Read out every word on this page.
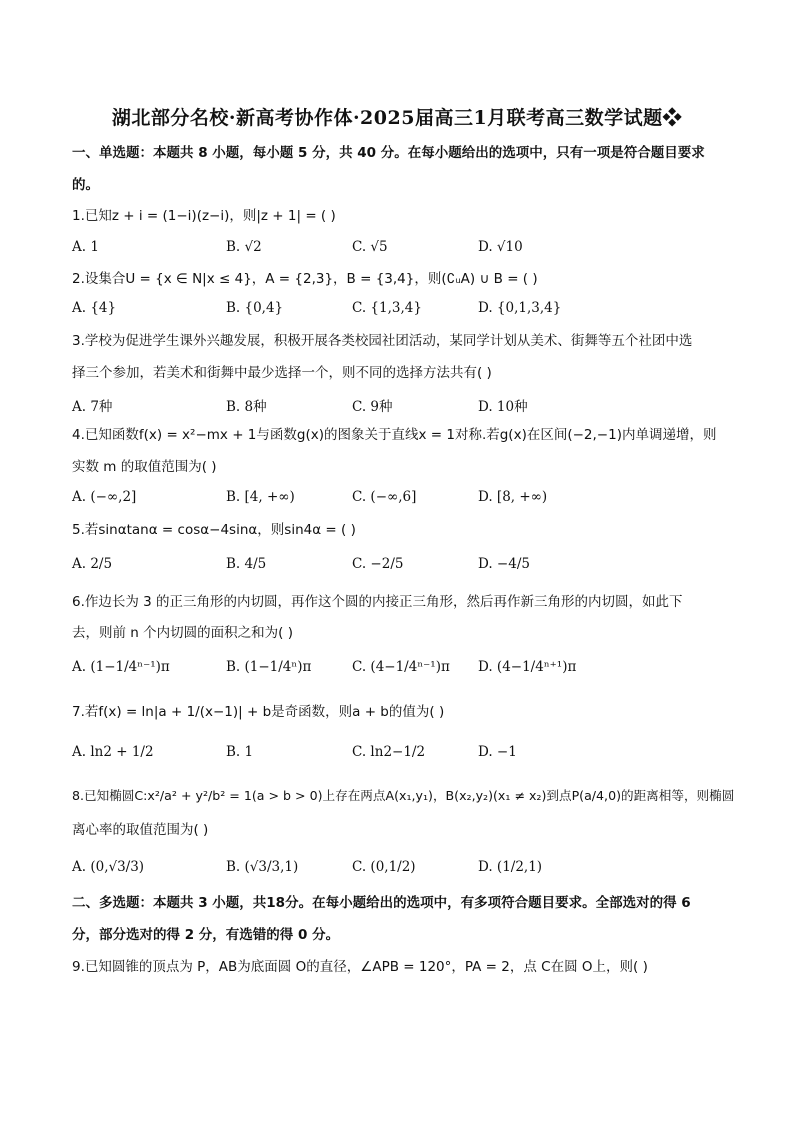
湖北部分名校·新高考协作体·2025届高三1月联考高三数学试题❖
一、单选题：本题共 8 小题，每小题 5 分，共 40 分。在每小题给出的选项中，只有一项是符合题目要求
的。
1.已知z + i = (1−i)(z−i)，则|z + 1| = ( )
A. 1	B. √2	C. √5	D. √10
2.设集合U = {x ∈ N|x ≤ 4}，A = {2,3}，B = {3,4}，则(∁ᵤA) ∪ B = ( )
A. {4}	B. {0,4}	C. {1,3,4}	D. {0,1,3,4}
3.学校为促进学生课外兴趣发展，积极开展各类校园社团活动，某同学计划从美术、街舞等五个社团中选
择三个参加，若美术和街舞中最少选择一个，则不同的选择方法共有( )
A. 7种	B. 8种	C. 9种	D. 10种
4.已知函数f(x) = x²−mx + 1与函数g(x)的图象关于直线x = 1对称.若g(x)在区间(−2,−1)内单调递增，则
实数 m 的取值范围为( )
A. (−∞,2]	B. [4, +∞)	C. (−∞,6]	D. [8, +∞)
5.若sinαtanα = cosα−4sinα，则sin4α = ( )
A. 2/5	B. 4/5	C. −2/5	D. −4/5
6.作边长为 3 的正三角形的内切圆，再作这个圆的内接正三角形，然后再作新三角形的内切圆，如此下
去，则前 n 个内切圆的面积之和为( )
A. (1−1/4ⁿ⁻¹)π	B. (1−1/4ⁿ)π	C. (4−1/4ⁿ⁻¹)π D. (4−1/4ⁿ⁺¹)π
7.若f(x) = ln|a + 1/(x−1)| + b是奇函数，则a + b的值为( )
A. ln2 + 1/2	B. 1	C. ln2−1/2	D. −1
8.已知椭圆C:x²/a² + y²/b² = 1(a > b > 0)上存在两点A(x₁,y₁)，B(x₂,y₂)(x₁ ≠ x₂)到点P(a/4,0)的距离相等，则椭圆
离心率的取值范围为( )
A. (0,√3/3)	B. (√3/3,1)	C. (0,1/2)	D. (1/2,1)
二、多选题：本题共 3 小题，共18分。在每小题给出的选项中，有多项符合题目要求。全部选对的得 6
分，部分选对的得 2 分，有选错的得 0 分。
9.已知圆锥的顶点为 P，AB为底面圆 O的直径，∠APB = 120°，PA = 2，点 C在圆 O上，则( )
